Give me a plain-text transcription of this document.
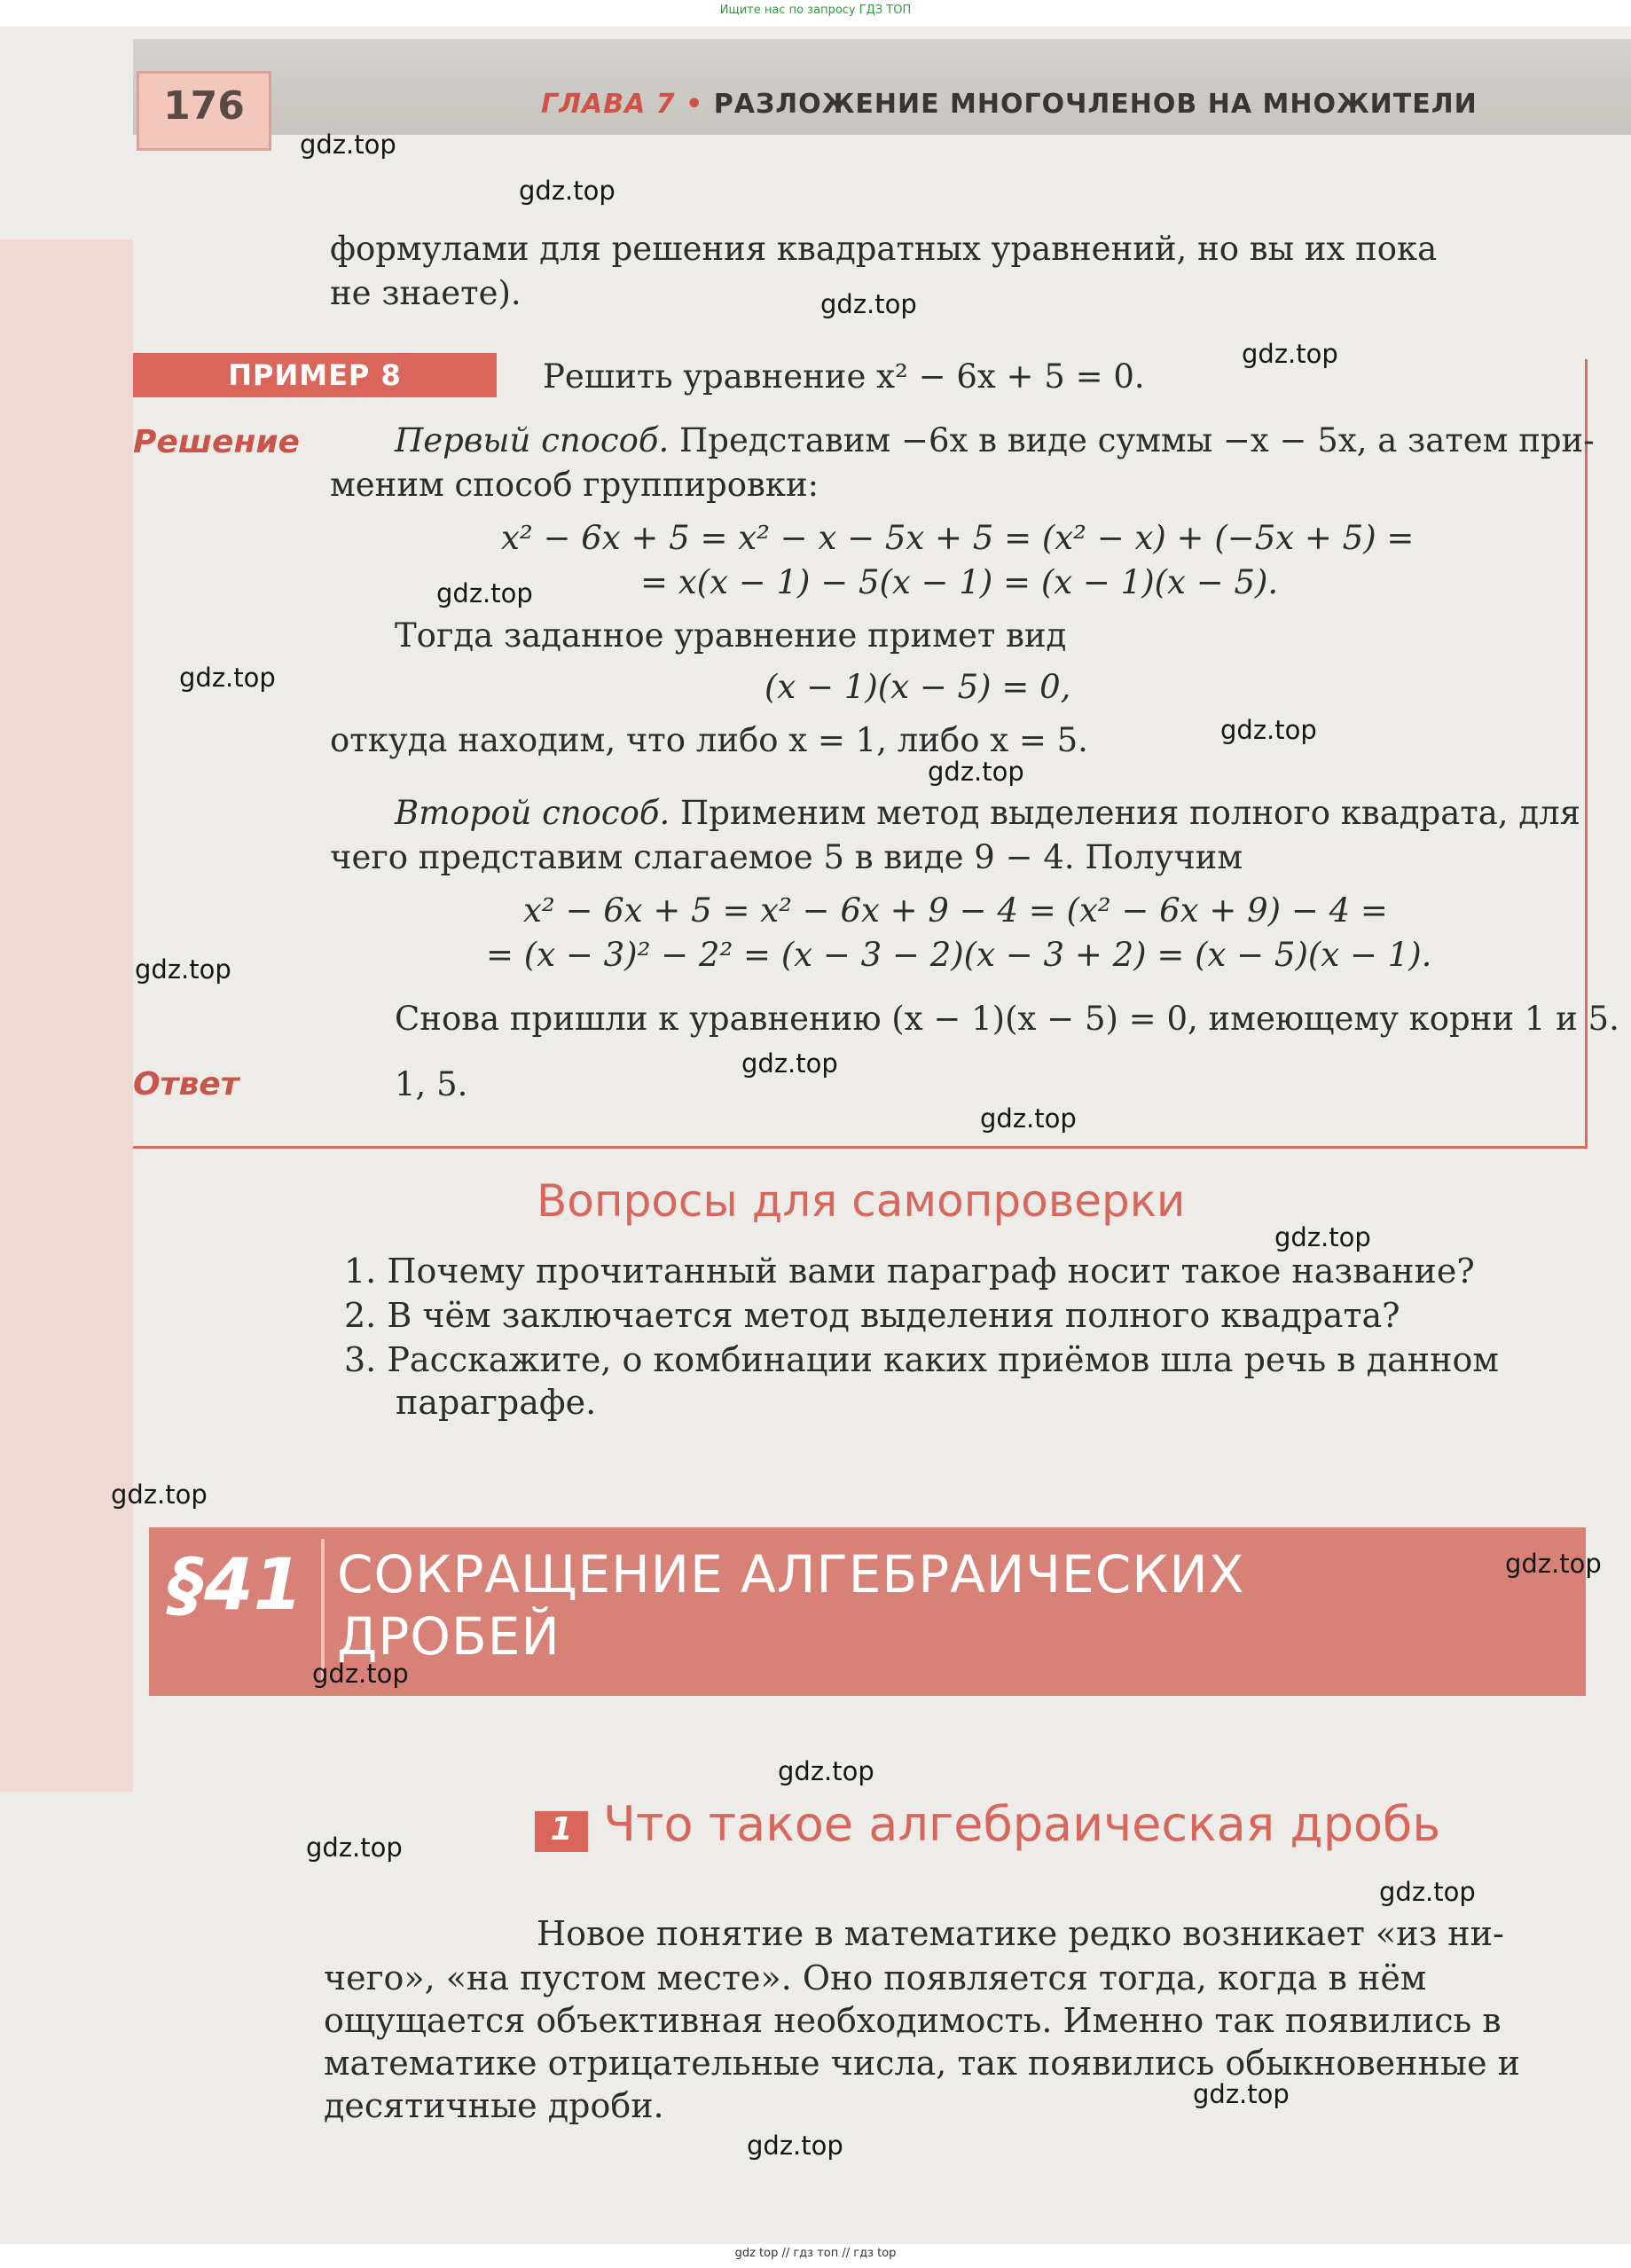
Ищите нас по запросу ГДЗ ТОП
176	ГЛАВА 7 • РАЗЛОЖЕНИЕ МНОГОЧЛЕНОВ НА МНОЖИТЕЛИ
формулами для решения квадратных уравнений, но вы их пока
не знаете).
ПРИМЕР 8	Решить уравнение x² − 6x + 5 = 0.
Решение	Первый способ. Представим −6x в виде суммы −x − 5x, а затем при-
меним способ группировки:
x² − 6x + 5 = x² − x − 5x + 5 = (x² − x) + (−5x + 5) =
= x(x − 1) − 5(x − 1) = (x − 1)(x − 5).
Тогда заданное уравнение примет вид
(x − 1)(x − 5) = 0,
откуда находим, что либо x = 1, либо x = 5.
Второй способ. Применим метод выделения полного квадрата, для
чего представим слагаемое 5 в виде 9 − 4. Получим
x² − 6x + 5 = x² − 6x + 9 − 4 = (x² − 6x + 9) − 4 =
= (x − 3)² − 2² = (x − 3 − 2)(x − 3 + 2) = (x − 5)(x − 1).
Снова пришли к уравнению (x − 1)(x − 5) = 0, имеющему корни 1 и 5.
Ответ	1, 5.
Вопросы для самопроверки
1. Почему прочитанный вами параграф носит такое название?
2. В чём заключается метод выделения полного квадрата?
3. Расскажите, о комбинации каких приёмов шла речь в данном
параграфе.
§41 СОКРАЩЕНИЕ АЛГЕБРАИЧЕСКИХ
ДРОБЕЙ
1 Что такое алгебраическая дробь
Новое понятие в математике редко возникает «из ни-
чего», «на пустом месте». Оно появляется тогда, когда в нём
ощущается объективная необходимость. Именно так появились в
математике отрицательные числа, так появились обыкновенные и
десятичные дроби.
gdz.top
gdz.top
gdz.top
gdz.top
gdz.top
gdz.top
gdz.top
gdz.top
gdz.top
gdz.top
gdz.top
gdz.top
gdz.top
gdz.top
gdz.top
gdz.top
gdz.top
gdz.top
gdz.top
gdz.top
gdz top // гдз топ // гдз top
